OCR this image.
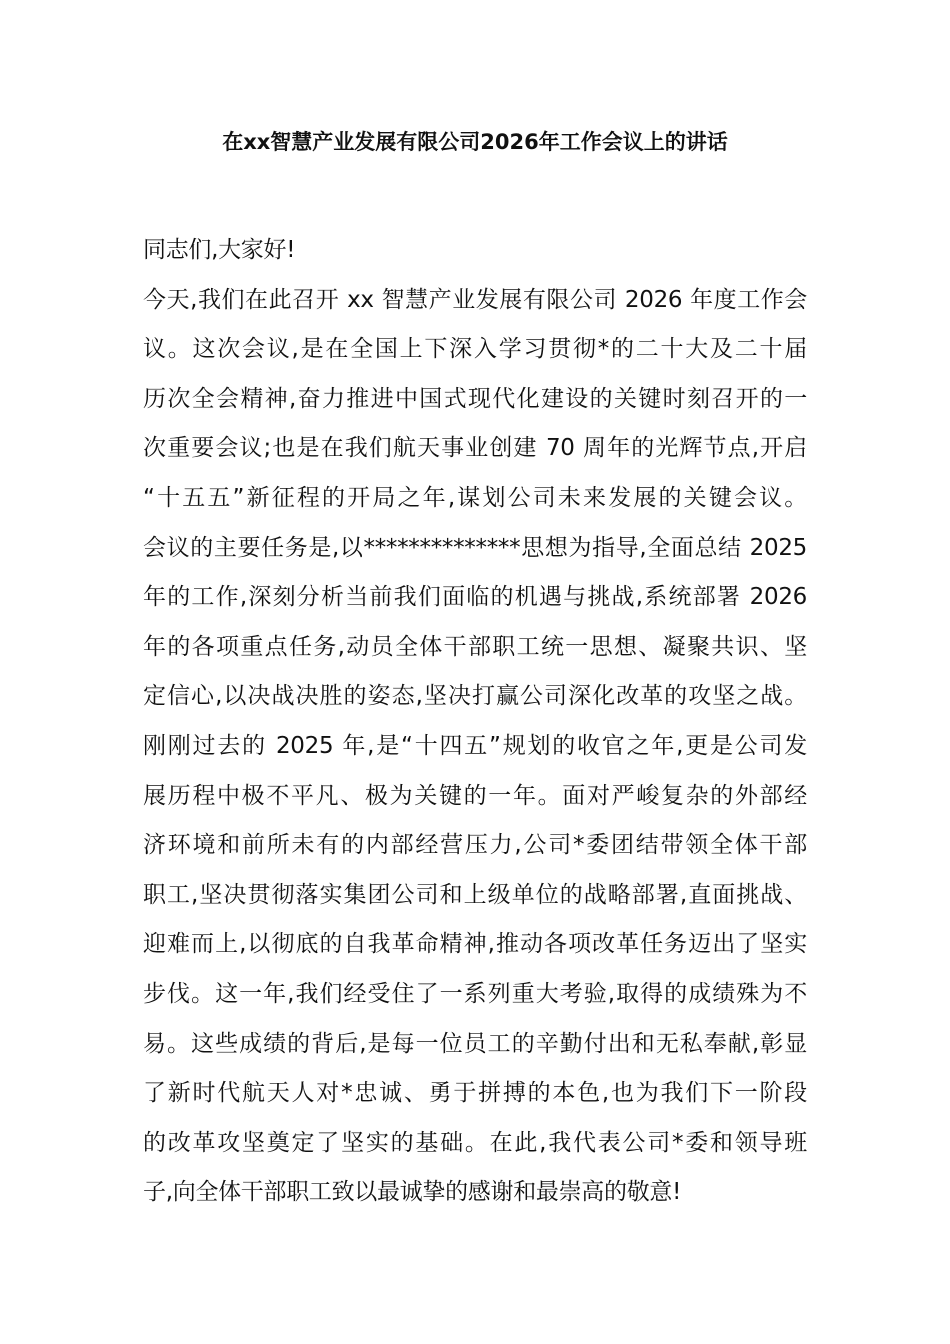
在xx智慧产业发展有限公司2026年工作会议上的讲话
同志们,大家好!
今天,我们在此召开 xx 智慧产业发展有限公司 2026 年度工作会
议。这次会议,是在全国上下深入学习贯彻*的二十大及二十届
历次全会精神,奋力推进中国式现代化建设的关键时刻召开的一
次重要会议;也是在我们航天事业创建 70 周年的光辉节点,开启
“十五五”新征程的开局之年,谋划公司未来发展的关键会议。
会议的主要任务是,以**************思想为指导,全面总结 2025
年的工作,深刻分析当前我们面临的机遇与挑战,系统部署 2026
年的各项重点任务,动员全体干部职工统一思想、凝聚共识、坚
定信心,以决战决胜的姿态,坚决打赢公司深化改革的攻坚之战。
刚刚过去的 2025 年,是“十四五”规划的收官之年,更是公司发
展历程中极不平凡、极为关键的一年。面对严峻复杂的外部经
济环境和前所未有的内部经营压力,公司*委团结带领全体干部
职工,坚决贯彻落实集团公司和上级单位的战略部署,直面挑战、
迎难而上,以彻底的自我革命精神,推动各项改革任务迈出了坚实
步伐。这一年,我们经受住了一系列重大考验,取得的成绩殊为不
易。这些成绩的背后,是每一位员工的辛勤付出和无私奉献,彰显
了新时代航天人对*忠诚、勇于拼搏的本色,也为我们下一阶段
的改革攻坚奠定了坚实的基础。在此,我代表公司*委和领导班
子,向全体干部职工致以最诚挚的感谢和最崇高的敬意!
